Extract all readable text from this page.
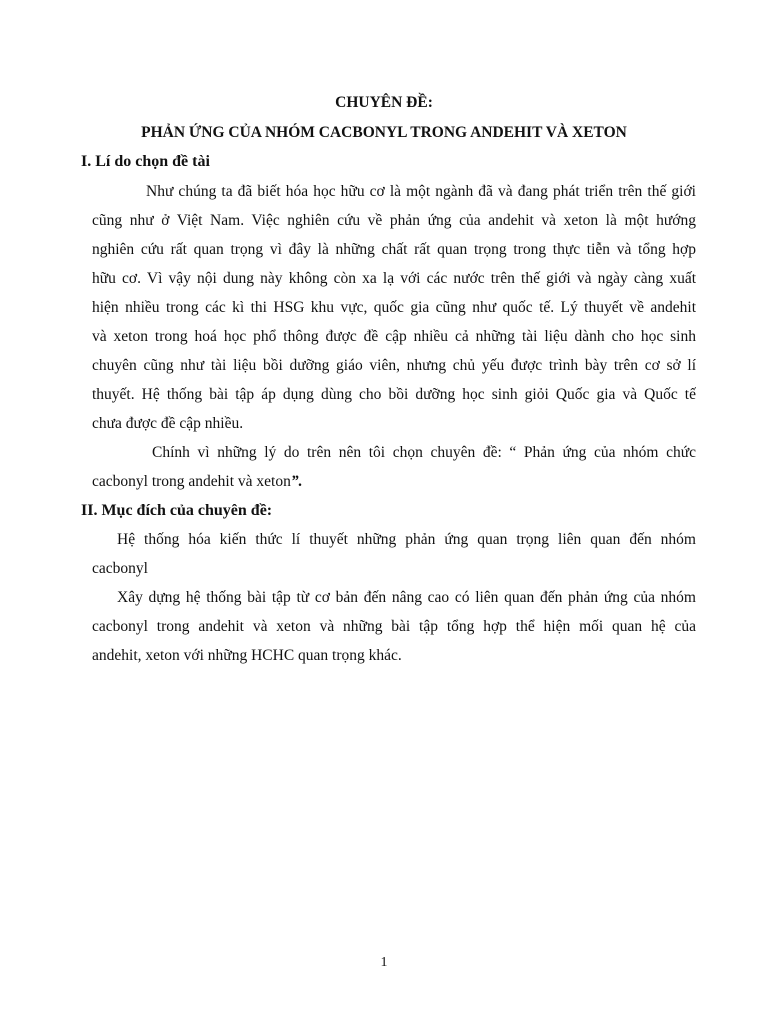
CHUYÊN ĐỀ:
PHẢN ỨNG CỦA NHÓM CACBONYL TRONG ANDEHIT VÀ XETON
I. Lí do chọn đề tài
Như chúng ta đã biết hóa học hữu cơ là một ngành đã và đang phát triển trên thế giới
cũng như ở Việt Nam. Việc nghiên cứu về phản ứng của andehit và xeton là một hướng
nghiên cứu rất quan trọng vì đây là những chất rất quan trọng trong thực tiễn và tổng hợp
hữu cơ. Vì vậy nội dung này không còn xa lạ với các nước trên thế giới và ngày càng xuất
hiện nhiều trong các kì thi HSG khu vực, quốc gia cũng như quốc tế. Lý thuyết về andehit
và xeton trong hoá học phổ thông được đề cập nhiều cả những tài liệu dành cho học sinh
chuyên cũng như tài liệu bồi dưỡng giáo viên, nhưng chủ yếu được trình bày trên cơ sở lí
thuyết. Hệ thống bài tập áp dụng dùng cho bồi dưỡng học sinh giỏi Quốc gia và Quốc tế
chưa được đề cập nhiều.
Chính vì những lý do trên nên tôi chọn chuyên đề: “ Phản ứng của nhóm chức
cacbonyl trong andehit và xeton”.
II. Mục đích của chuyên đề:
Hệ thống hóa kiến thức lí thuyết những phản ứng quan trọng liên quan đến nhóm
cacbonyl
Xây dựng hệ thống bài tập từ cơ bản đến nâng cao có liên quan đến phản ứng của nhóm
cacbonyl trong andehit và xeton và những bài tập tổng hợp thể hiện mối quan hệ của
andehit, xeton với những HCHC quan trọng khác.
1
